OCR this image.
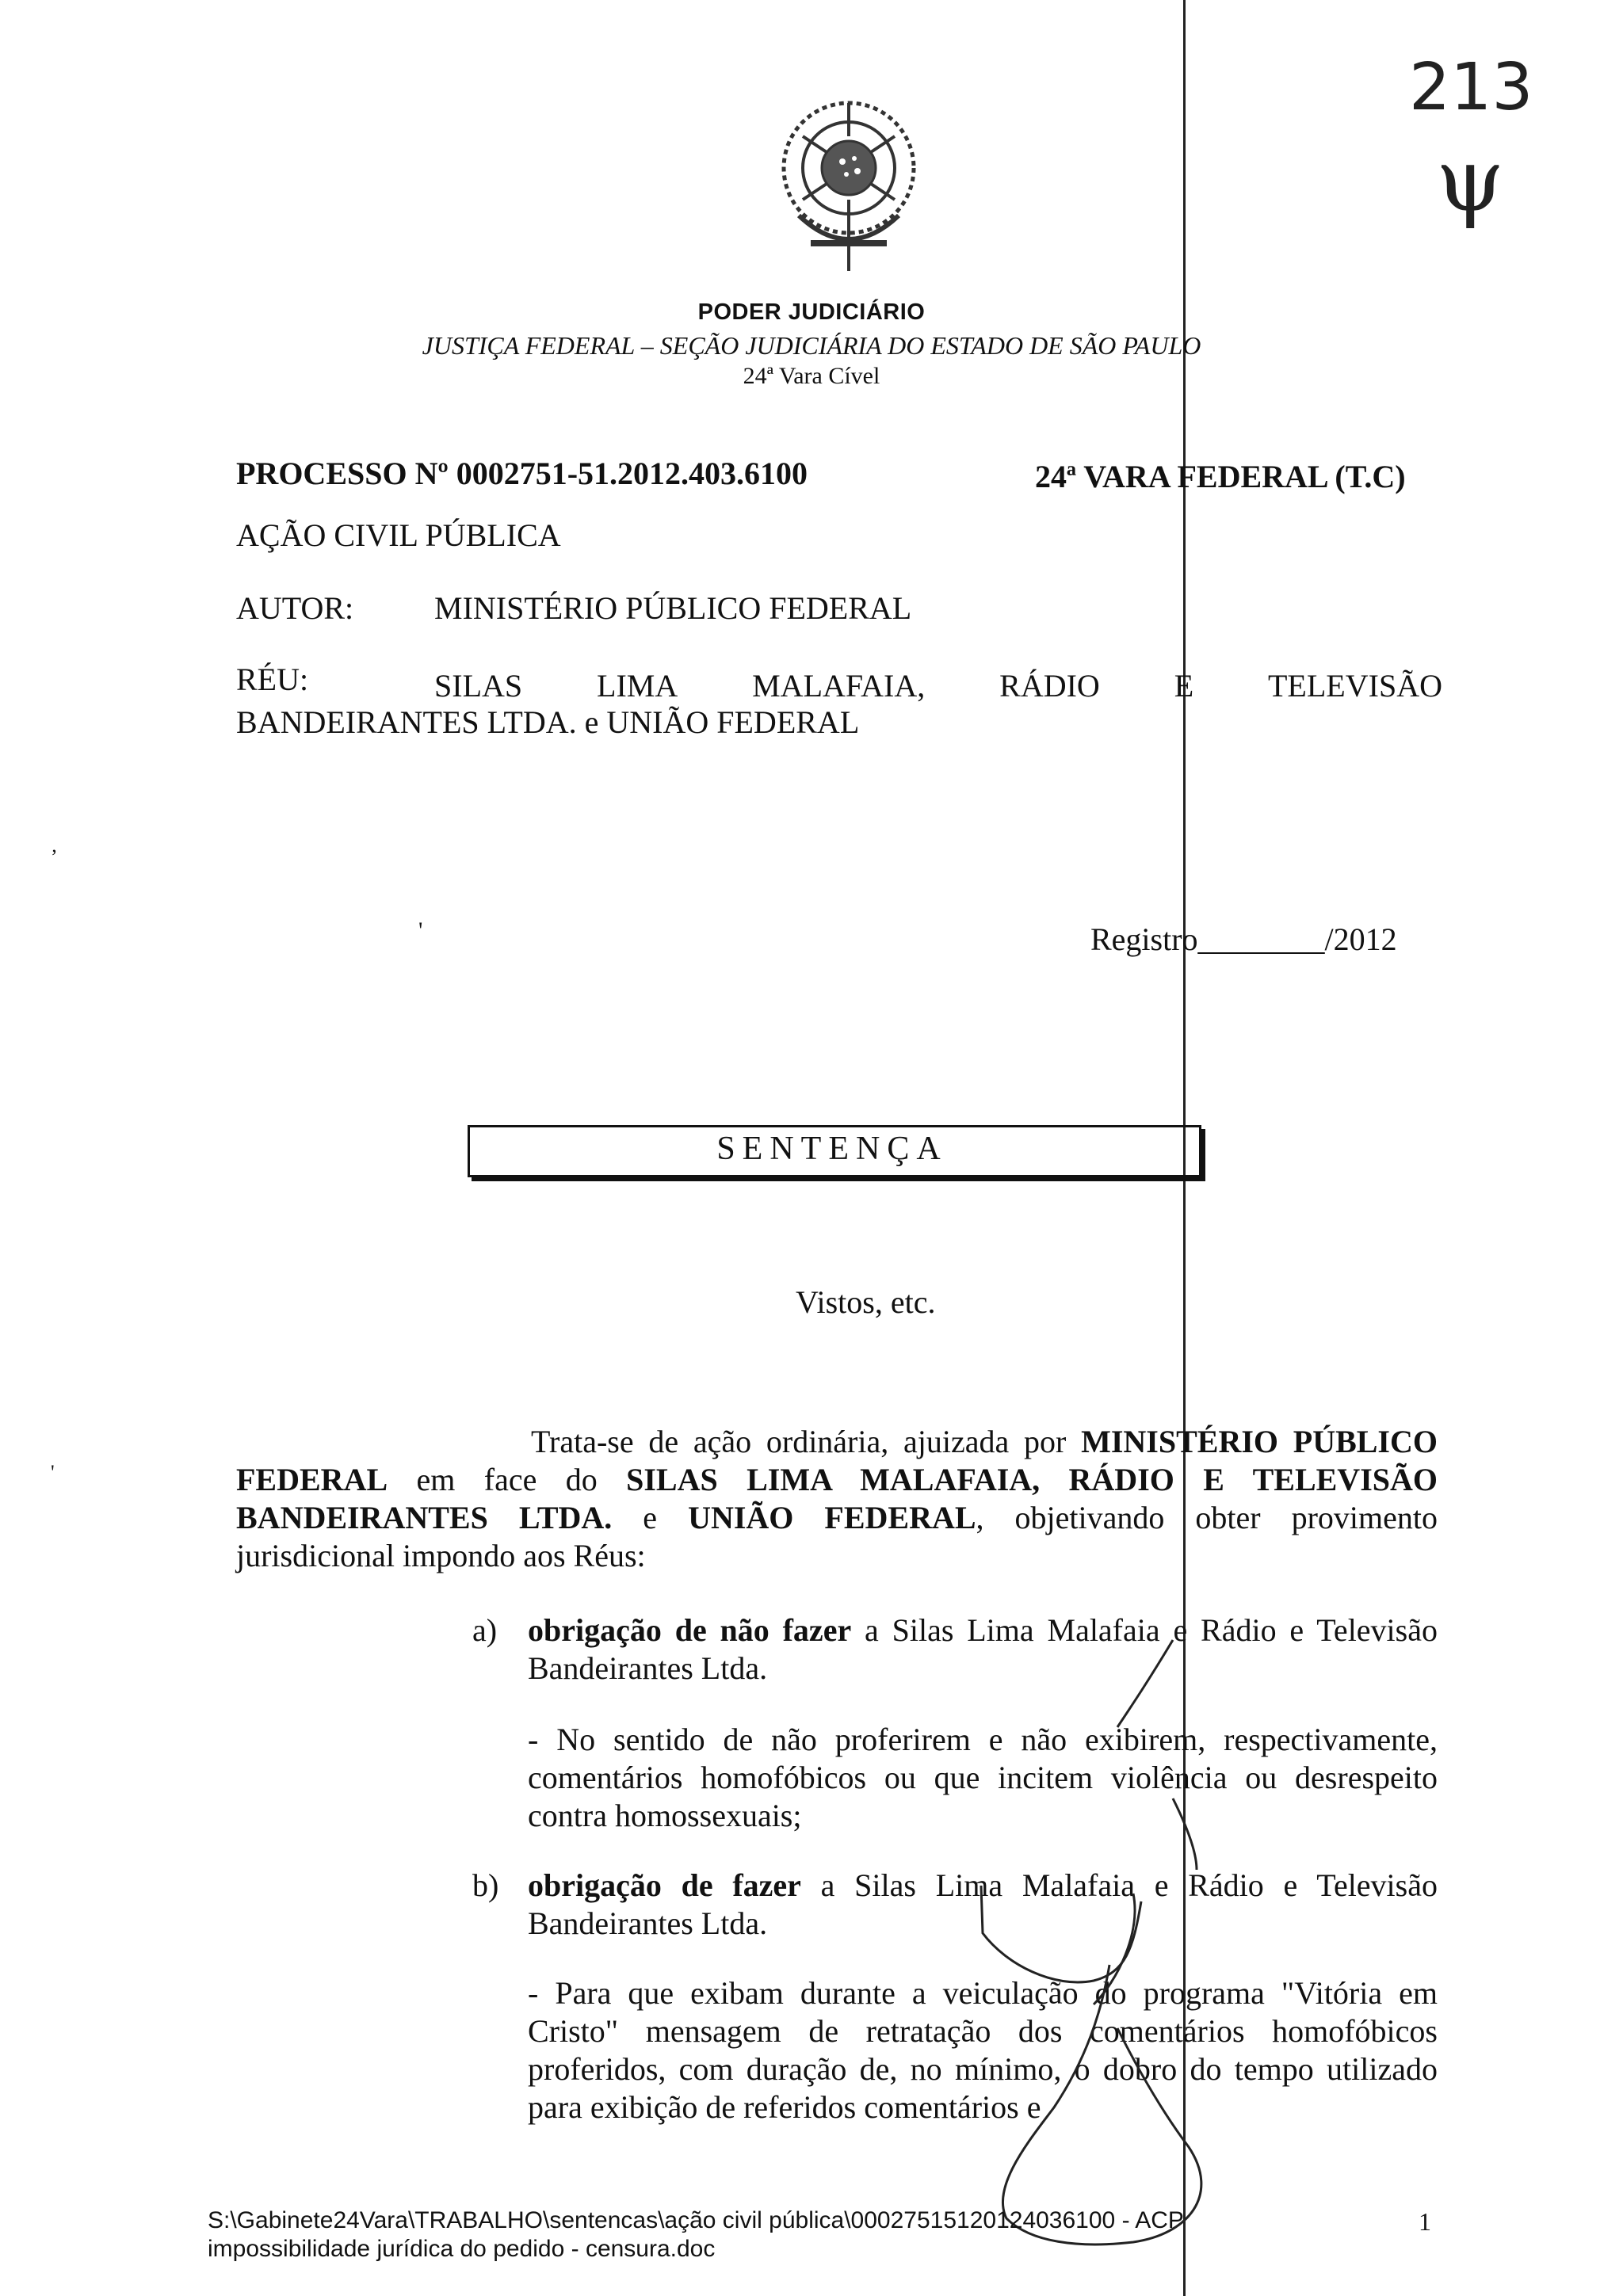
213
ψ
PODER JUDICIÁRIO
JUSTIÇA FEDERAL – SEÇÃO JUDICIÁRIA DO ESTADO DE SÃO PAULO
24ª Vara Cível
PROCESSO Nº 0002751-51.2012.403.6100	24ª VARA FEDERAL (T.C)
AÇÃO CIVIL PÚBLICA
AUTOR:	MINISTÉRIO PÚBLICO FEDERAL
RÉU:	SILAS LIMA MALAFAIA, RÁDIO E TELEVISÃO
BANDEIRANTES LTDA. e UNIÃO FEDERAL
‚
'
'
Registro________/2012
SENTENÇA
Vistos, etc.
Trata-se de ação ordinária, ajuizada por MINISTÉRIO PÚBLICO FEDERAL em face do SILAS LIMA MALAFAIA, RÁDIO E TELEVISÃO BANDEIRANTES LTDA. e UNIÃO FEDERAL, objetivando obter provimento jurisdicional impondo aos Réus:
a) obrigação de não fazer a Silas Lima Malafaia e Rádio e Televisão Bandeirantes Ltda.
- No sentido de não proferirem e não exibirem, respectivamente, comentários homofóbicos ou que incitem violência ou desrespeito contra homossexuais;
b) obrigação de fazer a Silas Lima Malafaia e Rádio e Televisão Bandeirantes Ltda.
- Para que exibam durante a veiculação do programa "Vitória em Cristo" mensagem de retratação dos comentários homofóbicos proferidos, com duração de, no mínimo, o dobro do tempo utilizado para exibição de referidos comentários e
S:\Gabinete24Vara\TRABALHO\sentencas\ação civil pública\00027515120124036100 - ACP
impossibilidade jurídica do pedido - censura.doc
1
